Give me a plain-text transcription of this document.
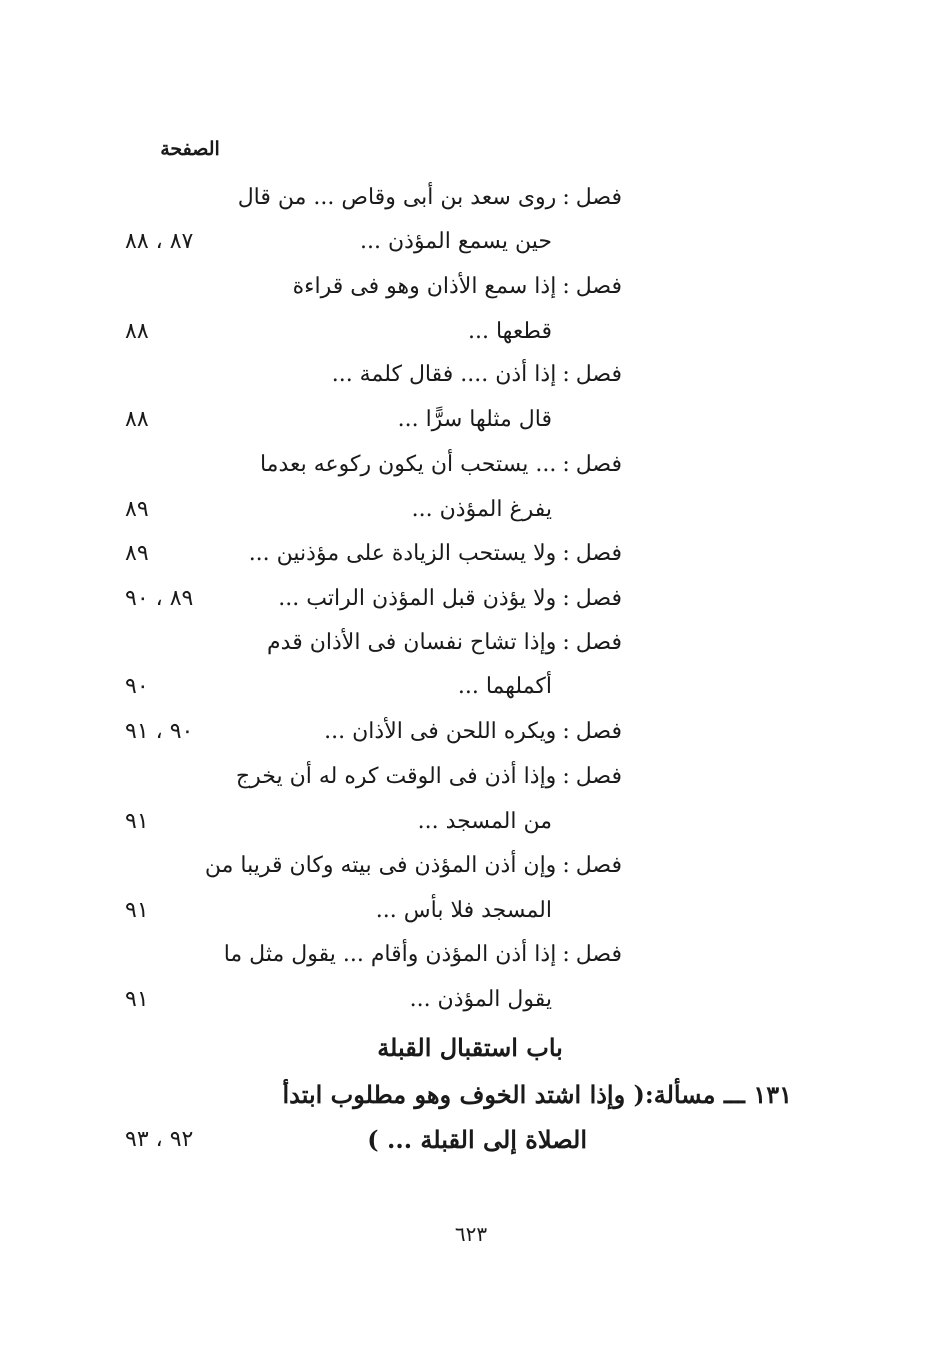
الصفحة
فصل:روى سعد بن أبى وقاص ... من قال
حين يسمع المؤذن ...
٨٧ ، ٨٨
فصل:إذا سمع الأذان وهو فى قراءة
قطعها ...
٨٨
فصل:إذا أذن .... فقال كلمة ...
قال مثلها سرًّا ...
٨٨
فصل:... يستحب أن يكون ركوعه بعدما
يفرغ المؤذن ...
٨٩
فصل:ولا يستحب الزيادة على مؤذنين ...
٨٩
فصل:ولا يؤذن قبل المؤذن الراتب ...
٨٩ ، ٩٠
فصل:وإذا تشاح نفسان فى الأذان قدم
أكملهما ...
٩٠
فصل:ويكره اللحن فى الأذان ...
٩٠ ، ٩١
فصل:وإذا أذن فى الوقت كره له أن يخرج
من المسجد ...
٩١
فصل:وإن أذن المؤذن فى بيته وكان قريبا من
المسجد فلا بأس ...
٩١
فصل:إذا أذن المؤذن وأقام ... يقول مثل ما
يقول المؤذن ...
٩١
باب استقبال القبلة
١٣١ ـــ مسألة:( وإذا اشتد الخوف وهو مطلوب ابتدأ
الصلاة إلى القبلة ... )
٩٢ ، ٩٣
٦٢٣
